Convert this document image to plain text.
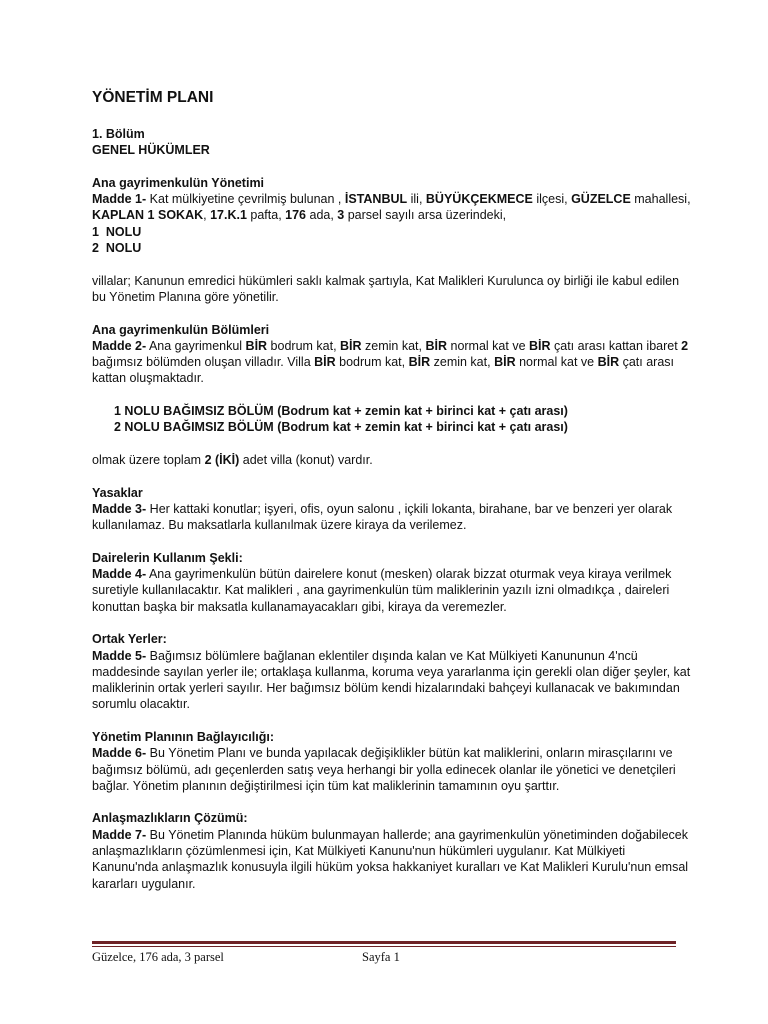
YÖNETİM PLANI

1. Bölüm

GENEL HÜKÜMLER

Ana gayrimenkulün Yönetimi

Madde 1- Kat mülkiyetine çevrilmiş bulunan , İSTANBUL ili, BÜYÜKÇEKMECE ilçesi, GÜZELCE mahallesi, KAPLAN 1 SOKAK, 17.K.1 pafta, 176 ada, 3 parsel sayılı arsa üzerindeki,

1  NOLU

2  NOLU

villalar; Kanunun emredici hükümleri saklı kalmak şartıyla, Kat Malikleri Kurulunca oy birliği ile kabul edilen bu Yönetim Planına göre yönetilir.

Ana gayrimenkulün Bölümleri

Madde 2- Ana gayrimenkul BİR bodrum kat, BİR zemin kat, BİR normal kat ve BİR çatı arası kattan ibaret 2 bağımsız bölümden oluşan villadır. Villa BİR bodrum kat, BİR zemin kat, BİR normal kat ve BİR çatı arası kattan oluşmaktadır.

1 NOLU BAĞIMSIZ BÖLÜM (Bodrum kat + zemin kat + birinci kat + çatı arası)

2 NOLU BAĞIMSIZ BÖLÜM (Bodrum kat + zemin kat + birinci kat + çatı arası)

olmak üzere toplam 2 (İKİ) adet villa (konut) vardır.

Yasaklar

Madde 3- Her kattaki konutlar; işyeri, ofis, oyun salonu , içkili lokanta, birahane, bar ve benzeri yer olarak kullanılamaz. Bu maksatlarla kullanılmak üzere kiraya da verilemez.

Dairelerin Kullanım Şekli:

Madde 4- Ana gayrimenkulün bütün dairelere konut (mesken) olarak bizzat oturmak veya kiraya verilmek suretiyle kullanılacaktır. Kat malikleri , ana gayrimenkulün tüm maliklerinin yazılı izni olmadıkça , daireleri konuttan başka bir maksatla kullanamayacakları gibi, kiraya da veremezler.

Ortak Yerler:

Madde 5- Bağımsız bölümlere bağlanan eklentiler dışında kalan ve Kat Mülkiyeti Kanununun 4'ncü maddesinde sayılan yerler ile; ortaklaşa kullanma, koruma veya yararlanma için gerekli olan diğer şeyler, kat maliklerinin ortak yerleri sayılır. Her bağımsız bölüm kendi hizalarındaki bahçeyi kullanacak ve bakımından sorumlu olacaktır.

Yönetim Planının Bağlayıcılığı:

Madde 6- Bu Yönetim Planı ve bunda yapılacak değişiklikler bütün kat maliklerini, onların mirasçılarını ve bağımsız bölümü, adı geçenlerden satış veya herhangi bir yolla edinecek olanlar ile yönetici ve denetçileri bağlar. Yönetim planının değiştirilmesi için tüm kat maliklerinin tamamının oyu şarttır.

Anlaşmazlıkların Çözümü:

Madde 7- Bu Yönetim Planında hüküm bulunmayan hallerde; ana gayrimenkulün yönetiminden doğabilecek anlaşmazlıkların çözümlenmesi için, Kat Mülkiyeti Kanunu'nun hükümleri uygulanır. Kat Mülkiyeti Kanunu'nda anlaşmazlık konusuyla ilgili hüküm yoksa hakkaniyet kuralları ve Kat Malikleri Kurulu'nun emsal kararları uygulanır.

Güzelce, 176 ada, 3 parsel	Sayfa 1
